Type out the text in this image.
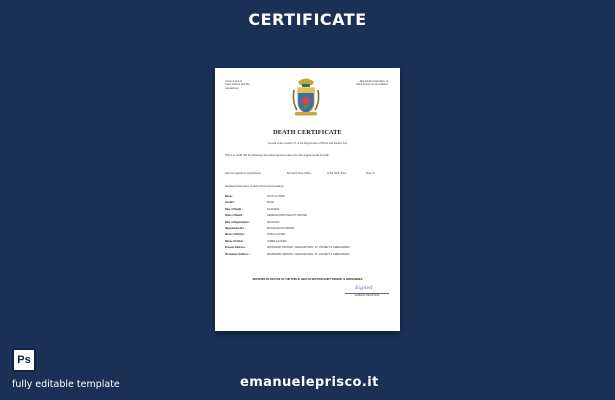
CERTIFICATE
Government of
Saint Vincent and the
Grenadines
Municipal Corporation of
Saint Vincent & Grenadines
DEATH CERTIFICATE
(Issued under section 17 of the Registration of Births and Deaths Act)
This is to certify that the following information has been taken from the original record of death
which is register for (Local Area)	5th North Zone Office	of 5th North Zone	Zone of
Municipal Corporation of Saint Vincent & Grenadines
Name :	JOHN GLOVER
Gender :	MALE
Date of Death :	10/11/2022
Place of Death :	GEORGETOWN HEALTH CENTRE
Date of Registration :	09/12/2022
Registration No. :	MCGD-DEATH-0054689
Name of Mother :	LINDA GLOVER
Name of Father :	JAMES GLOVER
Present Address :	WINDWARD HIGHWAY, GEORGETOWN, ST. VINCENT & GRENADINES
Permanent Address :	WINDWARD HIGHWAY, GEORGETOWN, ST. VINCENT & GRENADINES
REGISTER OF DEATHS OF THE PUBLIC HEALTH SECTION SAINT VINCENT & GRENADINES
Signed
GENERAL REGISTRAR
Ps
fully editable template	emanueleprisco.it
